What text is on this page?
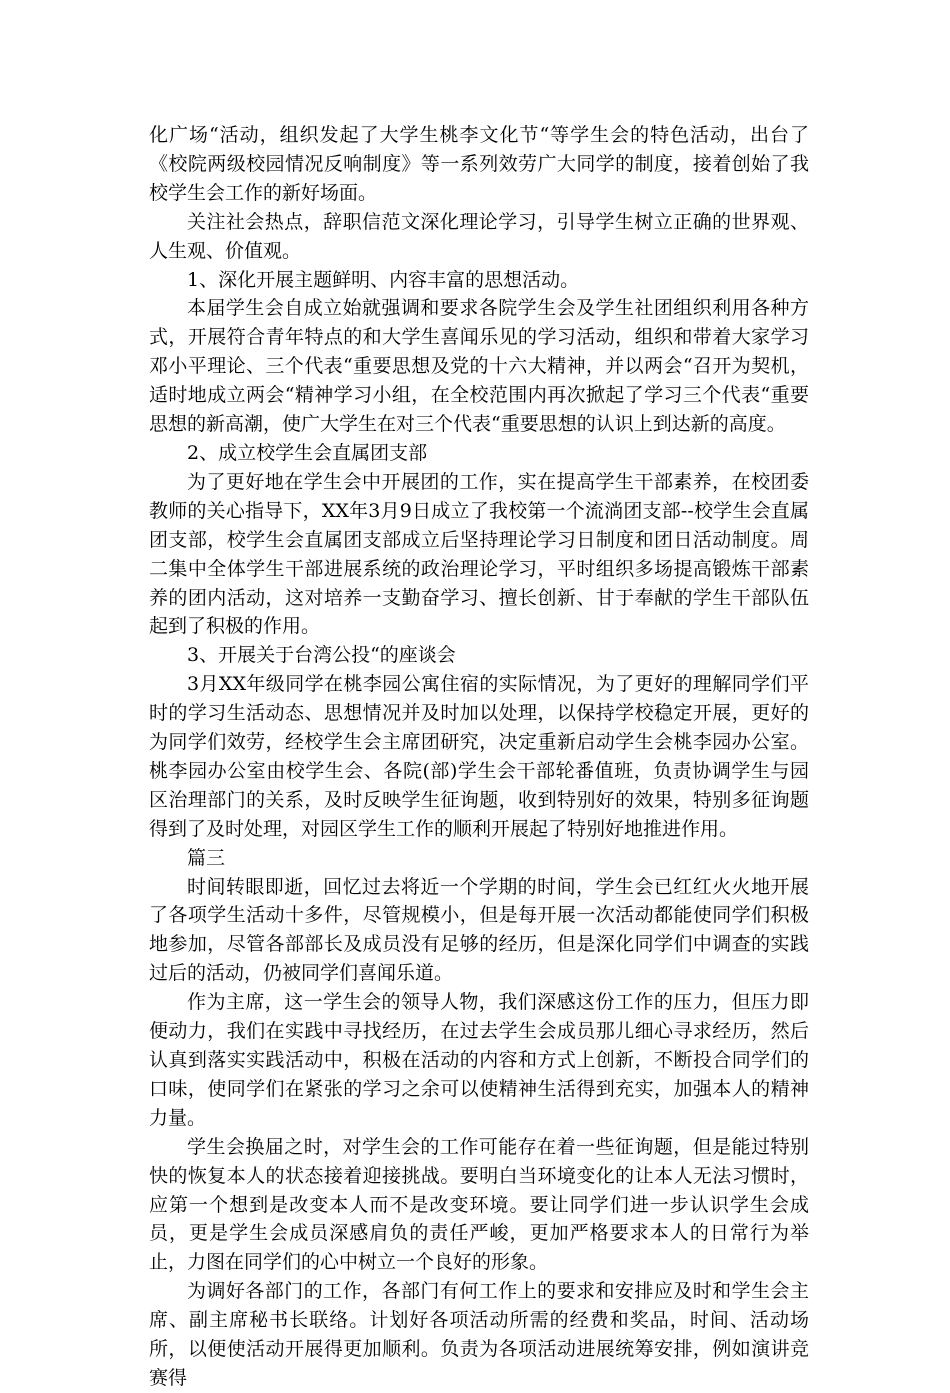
化广场“活动，组织发起了大学生桃李文化节“等学生会的特色活动，出台了《校院两级校园情况反响制度》等一系列效劳广大同学的制度，接着创始了我校学生会工作的新好场面。

关注社会热点，辞职信范文深化理论学习，引导学生树立正确的世界观、人生观、价值观。

1、深化开展主题鲜明、内容丰富的思想活动。

本届学生会自成立始就强调和要求各院学生会及学生社团组织利用各种方式，开展符合青年特点的和大学生喜闻乐见的学习活动，组织和带着大家学习邓小平理论、三个代表“重要思想及党的十六大精神，并以两会“召开为契机，适时地成立两会“精神学习小组，在全校范围内再次掀起了学习三个代表“重要思想的新高潮，使广大学生在对三个代表“重要思想的认识上到达新的高度。

2、成立校学生会直属团支部

为了更好地在学生会中开展团的工作，实在提高学生干部素养，在校团委教师的关心指导下，XX年3月9日成立了我校第一个流淌团支部--校学生会直属团支部，校学生会直属团支部成立后坚持理论学习日制度和团日活动制度。周二集中全体学生干部进展系统的政治理论学习，平时组织多场提高锻炼干部素养的团内活动，这对培养一支勤奋学习、擅长创新、甘于奉献的学生干部队伍起到了积极的作用。

3、开展关于台湾公投“的座谈会

3月XX年级同学在桃李园公寓住宿的实际情况，为了更好的理解同学们平时的学习生活动态、思想情况并及时加以处理，以保持学校稳定开展，更好的为同学们效劳，经校学生会主席团研究，决定重新启动学生会桃李园办公室。桃李园办公室由校学生会、各院(部)学生会干部轮番值班，负责协调学生与园区治理部门的关系，及时反映学生征询题，收到特别好的效果，特别多征询题得到了及时处理，对园区学生工作的顺利开展起了特别好地推进作用。

篇三

时间转眼即逝，回忆过去将近一个学期的时间，学生会已红红火火地开展了各项学生活动十多件，尽管规模小，但是每开展一次活动都能使同学们积极地参加，尽管各部部长及成员没有足够的经历，但是深化同学们中调查的实践过后的活动，仍被同学们喜闻乐道。

作为主席，这一学生会的领导人物，我们深感这份工作的压力，但压力即便动力，我们在实践中寻找经历，在过去学生会成员那儿细心寻求经历，然后认真到落实实践活动中，积极在活动的内容和方式上创新，不断投合同学们的口味，使同学们在紧张的学习之余可以使精神生活得到充实，加强本人的精神力量。

学生会换届之时，对学生会的工作可能存在着一些征询题，但是能过特别快的恢复本人的状态接着迎接挑战。要明白当环境变化的让本人无法习惯时，应第一个想到是改变本人而不是改变环境。要让同学们进一步认识学生会成员，更是学生会成员深感肩负的责任严峻，更加严格要求本人的日常行为举止，力图在同学们的心中树立一个良好的形象。

为调好各部门的工作，各部门有何工作上的要求和安排应及时和学生会主席、副主席秘书长联络。计划好各项活动所需的经费和奖品，时间、活动场所，以便使活动开展得更加顺利。负责为各项活动进展统筹安排，例如演讲竞赛得
